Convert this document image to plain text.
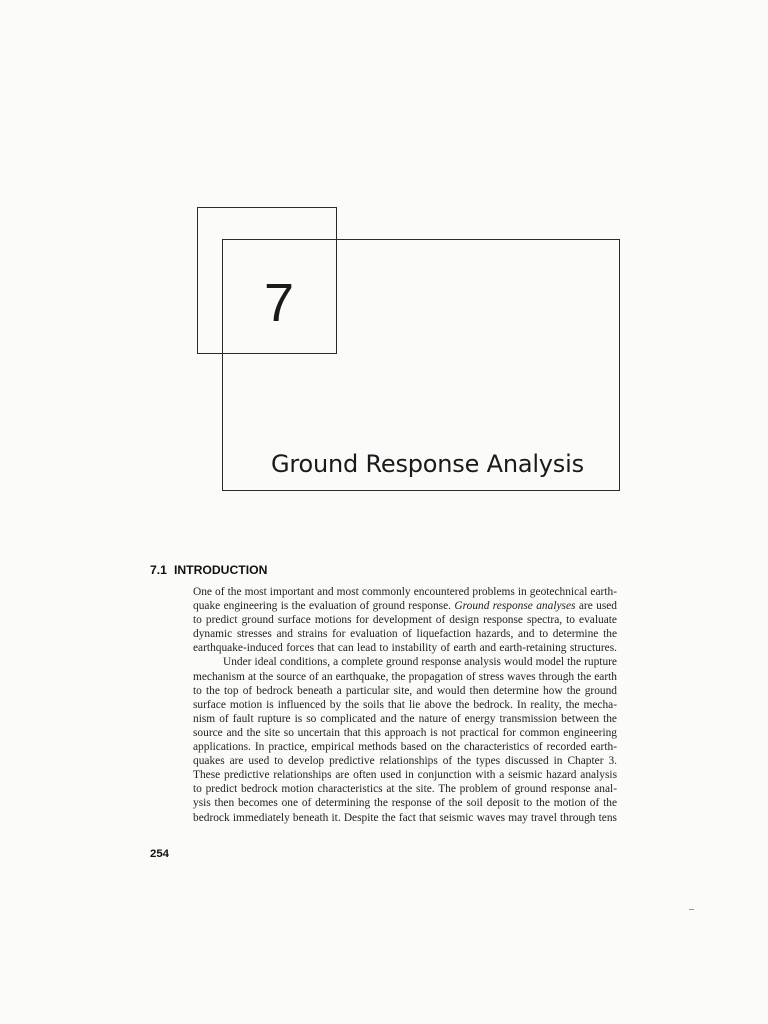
7
Ground Response Analysis
7.1 INTRODUCTION
One of the most important and most commonly encountered problems in geotechnical earth-
quake engineering is the evaluation of ground response. Ground response analyses are used
to predict ground surface motions for development of design response spectra, to evaluate
dynamic stresses and strains for evaluation of liquefaction hazards, and to determine the
earthquake-induced forces that can lead to instability of earth and earth-retaining structures.
Under ideal conditions, a complete ground response analysis would model the rupture
mechanism at the source of an earthquake, the propagation of stress waves through the earth
to the top of bedrock beneath a particular site, and would then determine how the ground
surface motion is influenced by the soils that lie above the bedrock. In reality, the mecha-
nism of fault rupture is so complicated and the nature of energy transmission between the
source and the site so uncertain that this approach is not practical for common engineering
applications. In practice, empirical methods based on the characteristics of recorded earth-
quakes are used to develop predictive relationships of the types discussed in Chapter 3.
These predictive relationships are often used in conjunction with a seismic hazard analysis
to predict bedrock motion characteristics at the site. The problem of ground response anal-
ysis then becomes one of determining the response of the soil deposit to the motion of the
bedrock immediately beneath it. Despite the fact that seismic waves may travel through tens
254
